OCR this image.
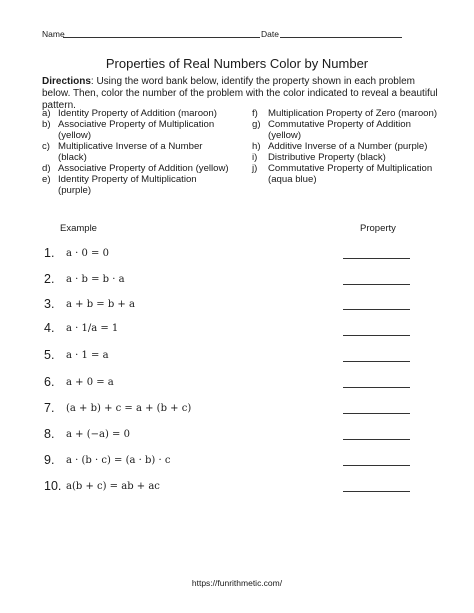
Name	Date
Properties of Real Numbers Color by Number
Directions: Using the word bank below, identify the property shown in each problem below. Then, color the number of the problem with the color indicated to reveal a beautiful pattern.
a) Identity Property of Addition (maroon)
b) Associative Property of Multiplication
(yellow)
c) Multiplicative Inverse of a Number
(black)
d) Associative Property of Addition (yellow)
e) Identity Property of Multiplication
(purple)
f) Multiplication Property of Zero (maroon)
g) Commutative Property of Addition
(yellow)
h) Additive Inverse of a Number (purple)
i) Distributive Property (black)
j) Commutative Property of Multiplication
(aqua blue)
Example	Property
1. a · 0 = 0
2. a · b = b · a
3. a + b = b + a
4. a · 1/a = 1
5. a · 1 = a
6. a + 0 = a
7. (a + b) + c = a + (b + c)
8. a + (−a) = 0
9. a · (b · c) = (a · b) · c
10. a(b + c) = ab + ac
https://funrithmetic.com/
